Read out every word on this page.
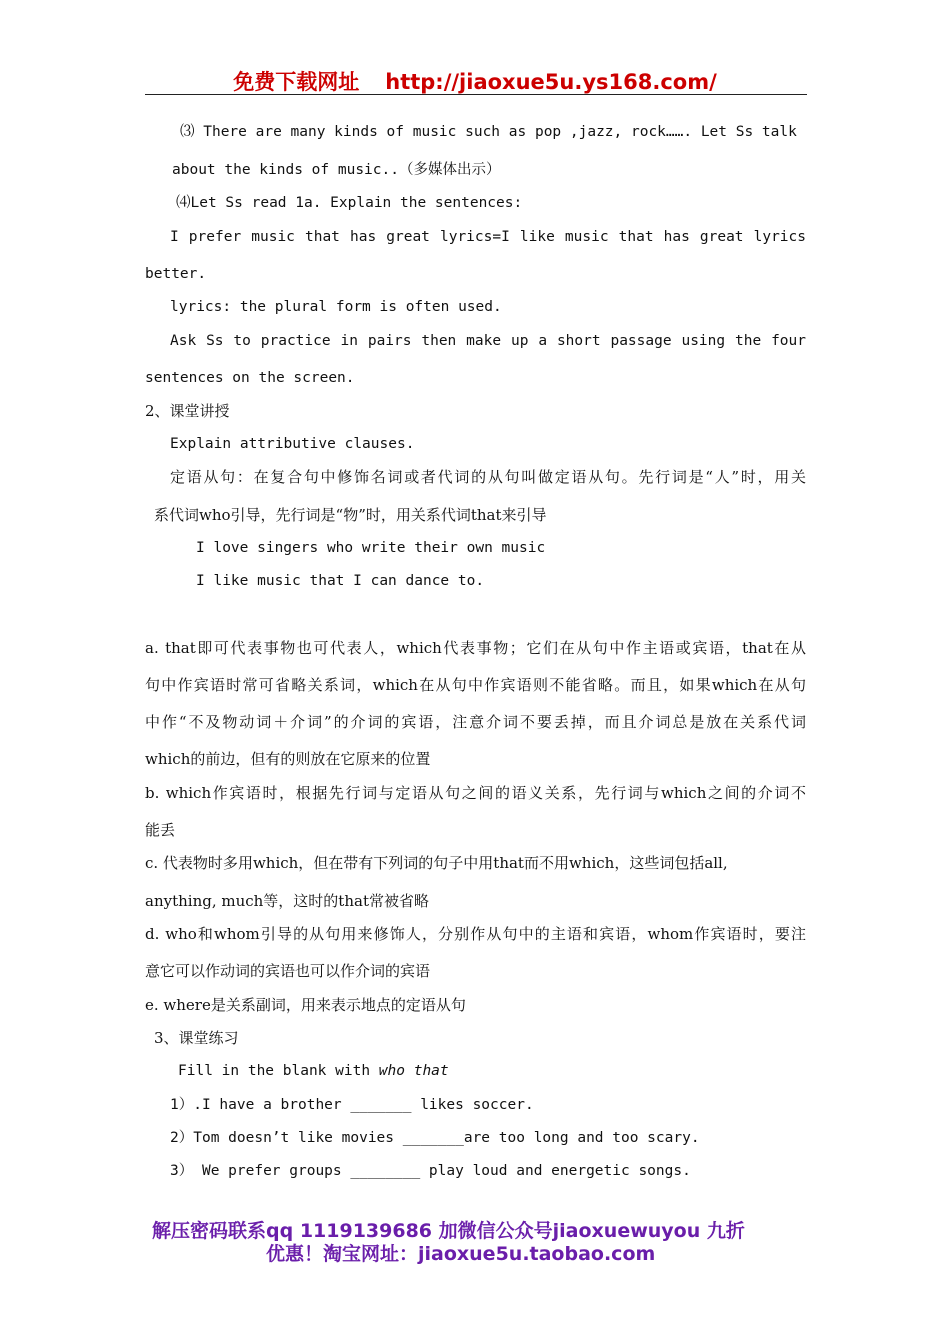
免费下载网址 http://jiaoxue5u.ys168.com/
⑶ There are many kinds of music such as pop ,jazz, rock……. Let Ss talk
about the kinds of music..（多媒体出示）
⑷Let Ss read 1a. Explain the sentences:
I prefer music that has great lyrics=I like music that has great lyrics
better.
lyrics: the plural form is often used.
Ask Ss to practice in pairs then make up a short passage using the four
sentences on the screen.
2、课堂讲授
Explain attributive clauses.
定语从句：在复合句中修饰名词或者代词的从句叫做定语从句。先行词是“人”时，用关
系代词who引导，先行词是“物”时，用关系代词that来引导
I love singers who write their own music
I like music that I can dance to.
a. that即可代表事物也可代表人，which代表事物；它们在从句中作主语或宾语，that在从
句中作宾语时常可省略关系词，which在从句中作宾语则不能省略。而且，如果which在从句
中作“不及物动词＋介词”的介词的宾语，注意介词不要丢掉，而且介词总是放在关系代词
which的前边，但有的则放在它原来的位置
b. which作宾语时，根据先行词与定语从句之间的语义关系，先行词与which之间的介词不
能丢
c. 代表物时多用which，但在带有下列词的句子中用that而不用which，这些词包括all,
anything, much等，这时的that常被省略
d. who和whom引导的从句用来修饰人，分别作从句中的主语和宾语，whom作宾语时，要注
意它可以作动词的宾语也可以作介词的宾语
e. where是关系副词，用来表示地点的定语从句
3、课堂练习
Fill in the blank with who that
1）.I have a brother _______ likes soccer.
2）Tom doesn’t like movies _______are too long and too scary.
3） We prefer groups ________ play loud and energetic songs.
解压密码联系qq 1119139686 加微信公众号jiaoxuewuyou 九折
优惠！淘宝网址：jiaoxue5u.taobao.com
